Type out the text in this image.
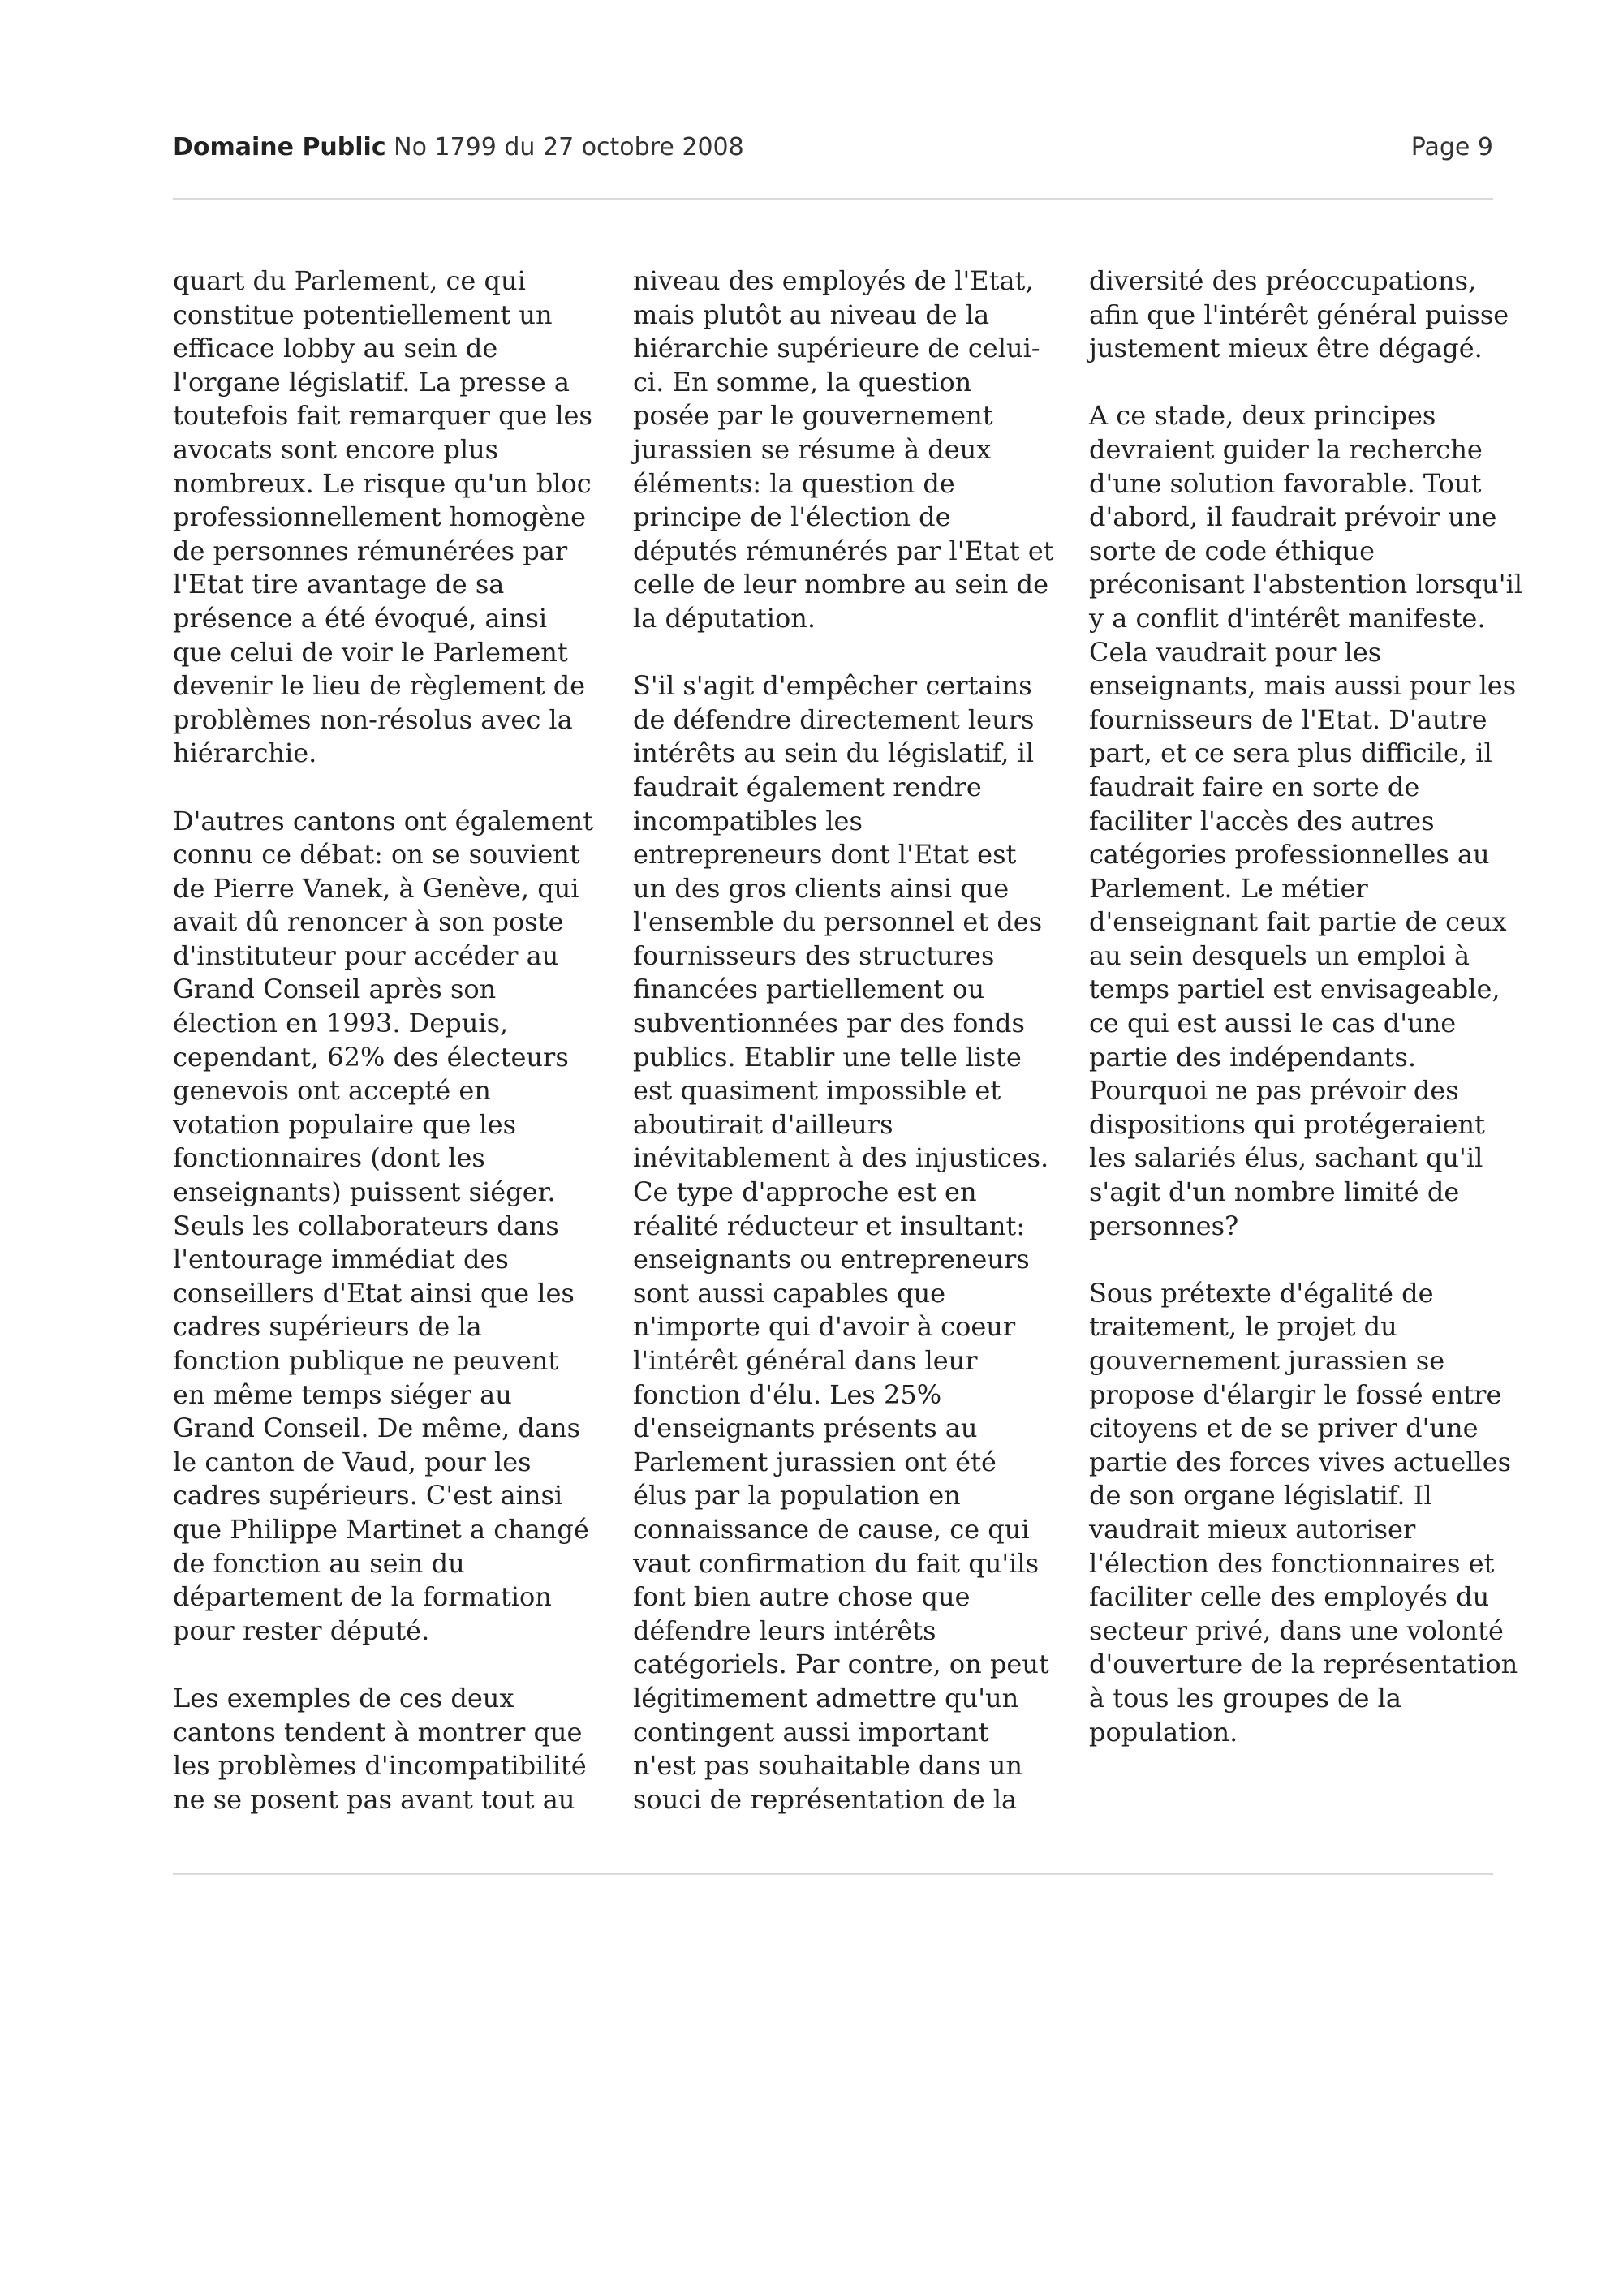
Domaine Public No 1799 du 27 octobre 2008	Page 9

quart du Parlement, ce qui constitue potentiellement un efficace lobby au sein de l'organe législatif. La presse a toutefois fait remarquer que les avocats sont encore plus nombreux. Le risque qu'un bloc professionnellement homogène de personnes rémunérées par l'Etat tire avantage de sa présence a été évoqué, ainsi que celui de voir le Parlement devenir le lieu de règlement de problèmes non-résolus avec la hiérarchie.

D'autres cantons ont également connu ce débat: on se souvient de Pierre Vanek, à Genève, qui avait dû renoncer à son poste d'instituteur pour accéder au Grand Conseil après son élection en 1993. Depuis, cependant, 62% des électeurs genevois ont accepté en votation populaire que les fonctionnaires (dont les enseignants) puissent siéger. Seuls les collaborateurs dans l'entourage immédiat des conseillers d'Etat ainsi que les cadres supérieurs de la fonction publique ne peuvent en même temps siéger au Grand Conseil. De même, dans le canton de Vaud, pour les cadres supérieurs. C'est ainsi que Philippe Martinet a changé de fonction au sein du département de la formation pour rester député.

Les exemples de ces deux cantons tendent à montrer que les problèmes d'incompatibilité ne se posent pas avant tout au

niveau des employés de l'Etat, mais plutôt au niveau de la hiérarchie supérieure de celui-ci. En somme, la question posée par le gouvernement jurassien se résume à deux éléments: la question de principe de l'élection de députés rémunérés par l'Etat et celle de leur nombre au sein de la députation.

S'il s'agit d'empêcher certains de défendre directement leurs intérêts au sein du législatif, il faudrait également rendre incompatibles les entrepreneurs dont l'Etat est un des gros clients ainsi que l'ensemble du personnel et des fournisseurs des structures financées partiellement ou subventionnées par des fonds publics. Etablir une telle liste est quasiment impossible et aboutirait d'ailleurs inévitablement à des injustices. Ce type d'approche est en réalité réducteur et insultant: enseignants ou entrepreneurs sont aussi capables que n'importe qui d'avoir à coeur l'intérêt général dans leur fonction d'élu. Les 25% d'enseignants présents au Parlement jurassien ont été élus par la population en connaissance de cause, ce qui vaut confirmation du fait qu'ils font bien autre chose que défendre leurs intérêts catégoriels. Par contre, on peut légitimement admettre qu'un contingent aussi important n'est pas souhaitable dans un souci de représentation de la

diversité des préoccupations, afin que l'intérêt général puisse justement mieux être dégagé.

A ce stade, deux principes devraient guider la recherche d'une solution favorable. Tout d'abord, il faudrait prévoir une sorte de code éthique préconisant l'abstention lorsqu'il y a conflit d'intérêt manifeste. Cela vaudrait pour les enseignants, mais aussi pour les fournisseurs de l'Etat. D'autre part, et ce sera plus difficile, il faudrait faire en sorte de faciliter l'accès des autres catégories professionnelles au Parlement. Le métier d'enseignant fait partie de ceux au sein desquels un emploi à temps partiel est envisageable, ce qui est aussi le cas d'une partie des indépendants. Pourquoi ne pas prévoir des dispositions qui protégeraient les salariés élus, sachant qu'il s'agit d'un nombre limité de personnes?

Sous prétexte d'égalité de traitement, le projet du gouvernement jurassien se propose d'élargir le fossé entre citoyens et de se priver d'une partie des forces vives actuelles de son organe législatif. Il vaudrait mieux autoriser l'élection des fonctionnaires et faciliter celle des employés du secteur privé, dans une volonté d'ouverture de la représentation à tous les groupes de la population.
